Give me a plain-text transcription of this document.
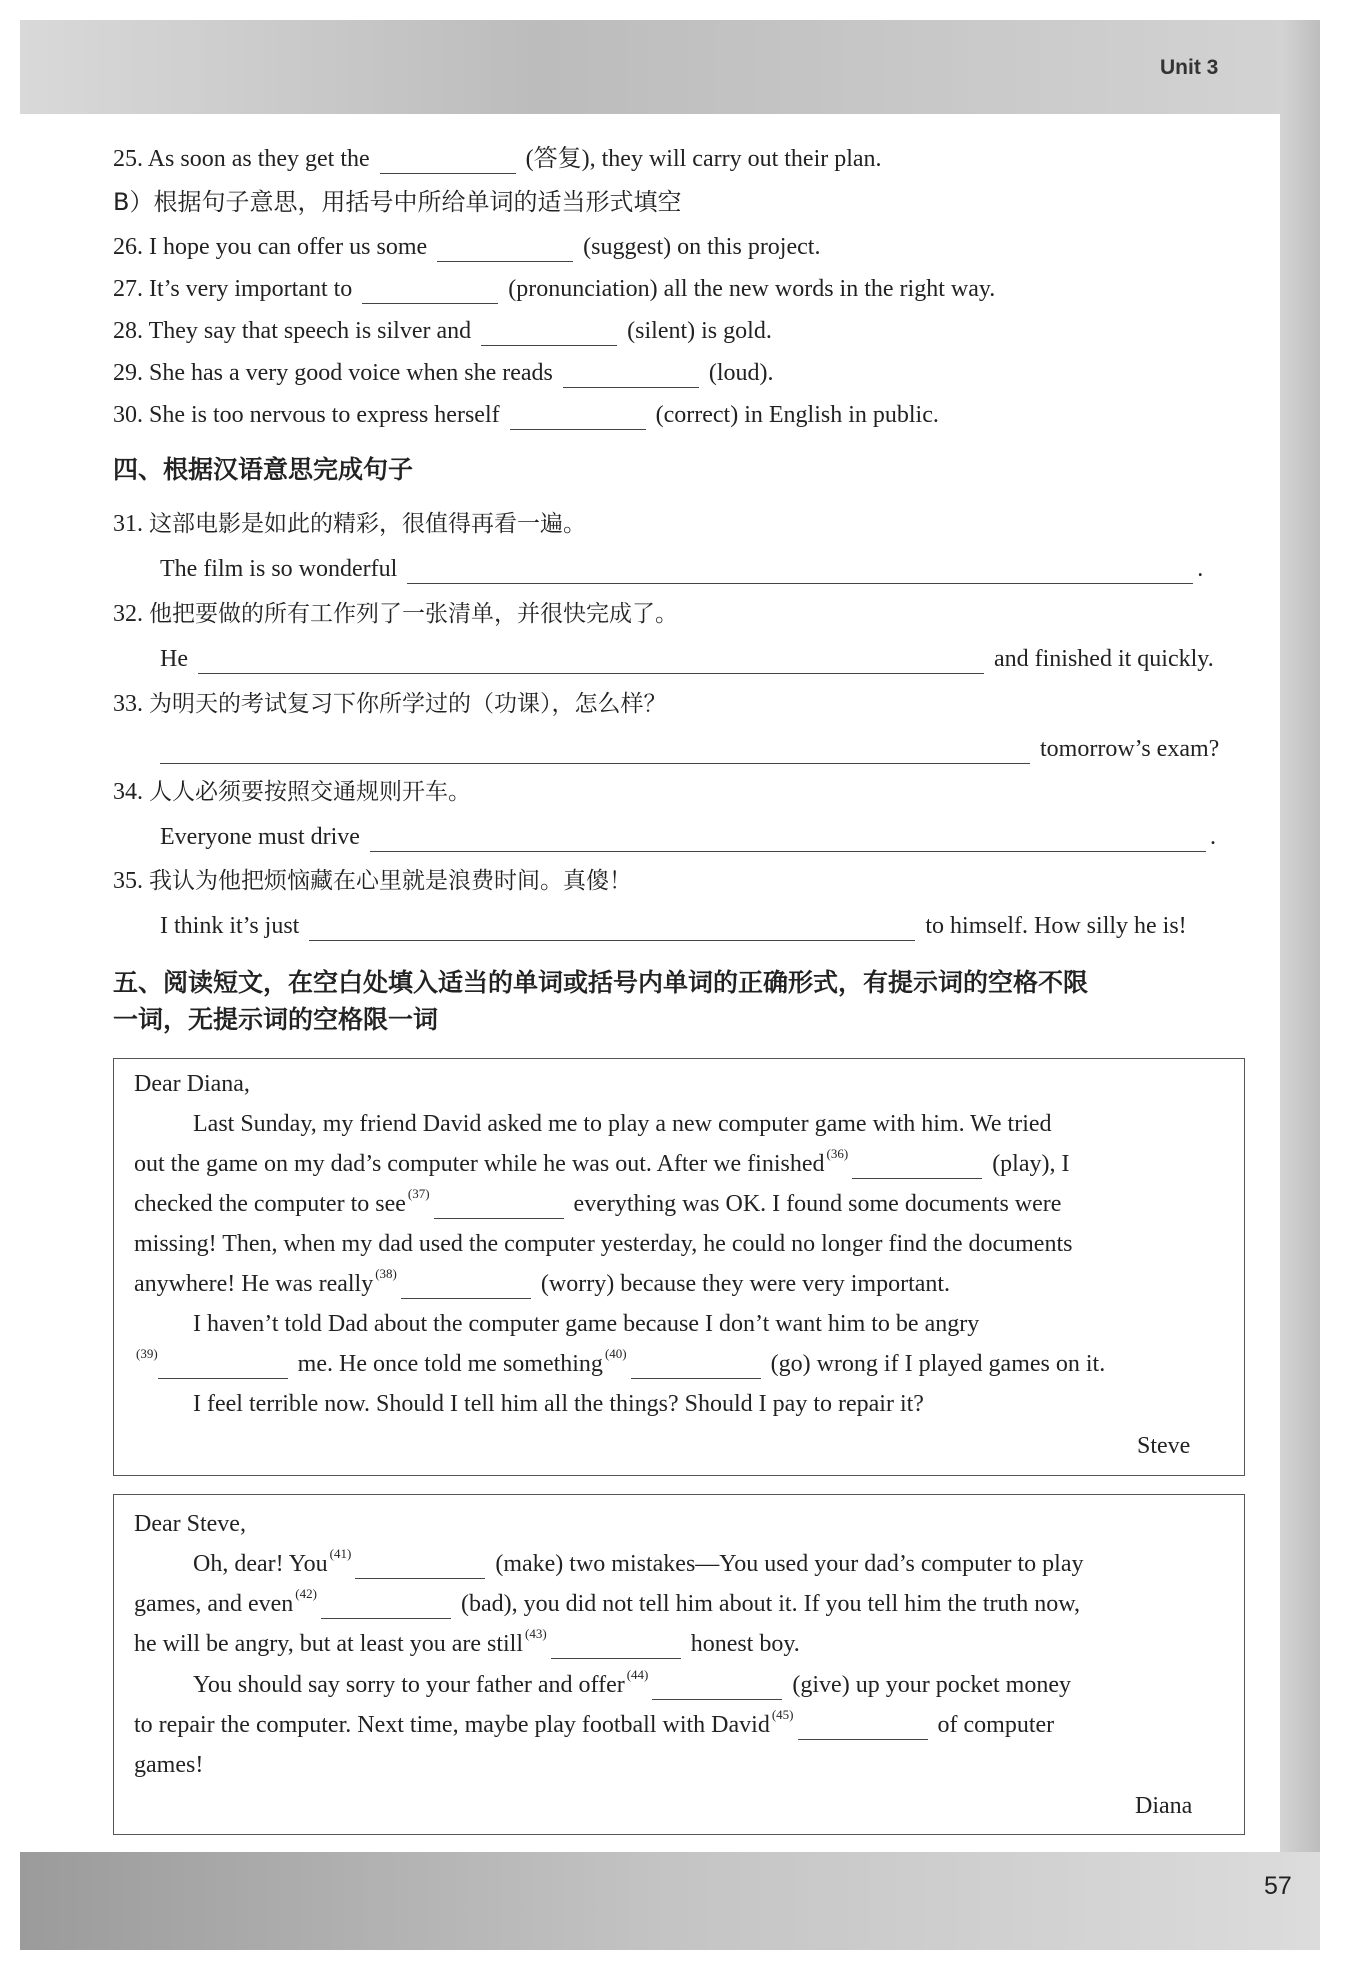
Unit 3
57
25. As soon as they get the	(答复), they will carry out their plan.
B）根据句子意思，用括号中所给单词的适当形式填空
26. I hope you can offer us some	(suggest) on this project.
27. It’s very important to	(pronunciation) all the new words in the right way.
28. They say that speech is silver and	(silent) is gold.
29. She has a very good voice when she reads	(loud).
30. She is too nervous to express herself	(correct) in English in public.
四、根据汉语意思完成句子
31. 这部电影是如此的精彩，很值得再看一遍。
The film is so wonderful	.
32. 他把要做的所有工作列了一张清单，并很快完成了。
He	and finished it quickly.
33. 为明天的考试复习下你所学过的（功课），怎么样？
tomorrow’s exam?
34. 人人必须要按照交通规则开车。
Everyone must drive	.
35. 我认为他把烦恼藏在心里就是浪费时间。真傻！
I think it’s just	to himself. How silly he is!
五、阅读短文，在空白处填入适当的单词或括号内单词的正确形式，有提示词的空格不限
一词，无提示词的空格限一词
Dear Diana,
Last Sunday, my friend David asked me to play a new computer game with him. We tried
out the game on my dad’s computer while he was out. After we finished $^{(36)}$	(play), I
checked the computer to see $^{(37)}$	everything was OK. I found some documents were
missing! Then, when my dad used the computer yesterday, he could no longer find the documents
anywhere! He was really $^{(38)}$	(worry) because they were very important.
I haven’t told Dad about the computer game because I don’t want him to be angry
$^{(39)}$	me. He once told me something $^{(40)}$	(go) wrong if I played games on it.
I feel terrible now. Should I tell him all the things? Should I pay to repair it?
Steve
Dear Steve,
Oh, dear! You $^{(41)}$	(make) two mistakes—You used your dad’s computer to play
games, and even $^{(42)}$	(bad), you did not tell him about it. If you tell him the truth now,
he will be angry, but at least you are still $^{(43)}$	honest boy.
You should say sorry to your father and offer $^{(44)}$	(give) up your pocket money
to repair the computer. Next time, maybe play football with David $^{(45)}$	of computer
games!
Diana
